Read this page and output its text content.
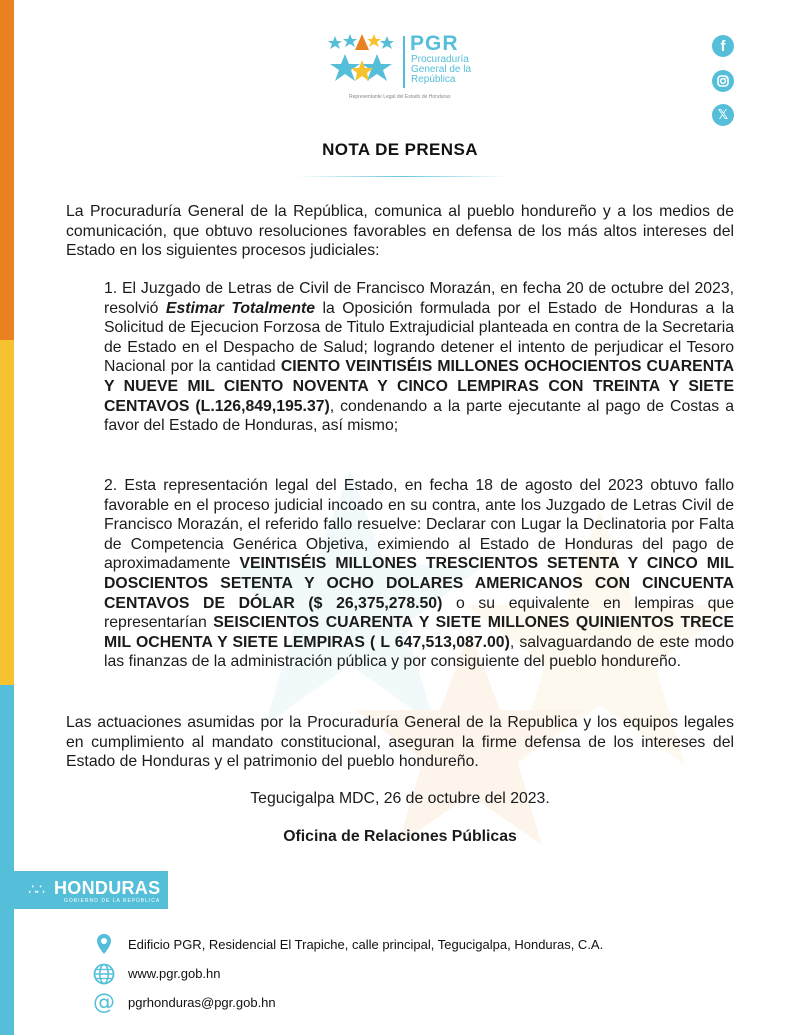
PGR
Procuraduría General de la República
Representante Legal del Estado de Honduras
f
𝕏
NOTA DE PRENSA
La Procuraduría General de la República, comunica al pueblo hondureño y a los medios de comunicación, que obtuvo resoluciones favorables en defensa de los más altos intereses del Estado en los siguientes procesos judiciales:
1. El Juzgado de Letras de Civil de Francisco Morazán, en fecha 20 de octubre del 2023, resolvió Estimar Totalmente la Oposición formulada por el Estado de Honduras a la Solicitud de Ejecucion Forzosa de Titulo Extrajudicial planteada en contra de la Secretaria de Estado en el Despacho de Salud; logrando detener el intento de perjudicar el Tesoro Nacional por la cantidad CIENTO VEINTISÉIS MILLONES OCHOCIENTOS CUARENTA Y NUEVE MIL CIENTO NOVENTA Y CINCO LEMPIRAS CON TREINTA Y SIETE CENTAVOS (L.126,849,195.37), condenando a la parte ejecutante al pago de Costas a favor del Estado de Honduras, así mismo;
2. Esta representación legal del Estado, en fecha 18 de agosto del 2023 obtuvo fallo favorable en el proceso judicial incoado en su contra, ante los Juzgado de Letras Civil de Francisco Morazán, el referido fallo resuelve: Declarar con Lugar la Declinatoria por Falta de Competencia Genérica Objetiva, eximiendo al Estado de Honduras del pago de aproximadamente VEINTISÉIS MILLONES TRESCIENTOS SETENTA Y CINCO MIL DOSCIENTOS SETENTA Y OCHO DOLARES AMERICANOS CON CINCUENTA CENTAVOS DE DÓLAR ($ 26,375,278.50) o su equivalente en lempiras que representarían SEISCIENTOS CUARENTA Y SIETE MILLONES QUINIENTOS TRECE MIL OCHENTA Y SIETE LEMPIRAS ( L 647,513,087.00), salvaguardando de este modo las finanzas de la administración pública y por consiguiente del pueblo hondureño.
Las actuaciones asumidas por la Procuraduría General de la Republica y los equipos legales en cumplimiento al mandato constitucional, aseguran la firme defensa de los intereses del Estado de Honduras y el patrimonio del pueblo hondureño.
Tegucigalpa MDC, 26 de octubre del 2023.
Oficina de Relaciones Públicas
∴∴ HONDURAS
GOBIERNO DE LA REPÚBLICA
Edificio PGR, Residencial El Trapiche, calle principal, Tegucigalpa, Honduras, C.A.
www.pgr.gob.hn
@ pgrhonduras@pgr.gob.hn
